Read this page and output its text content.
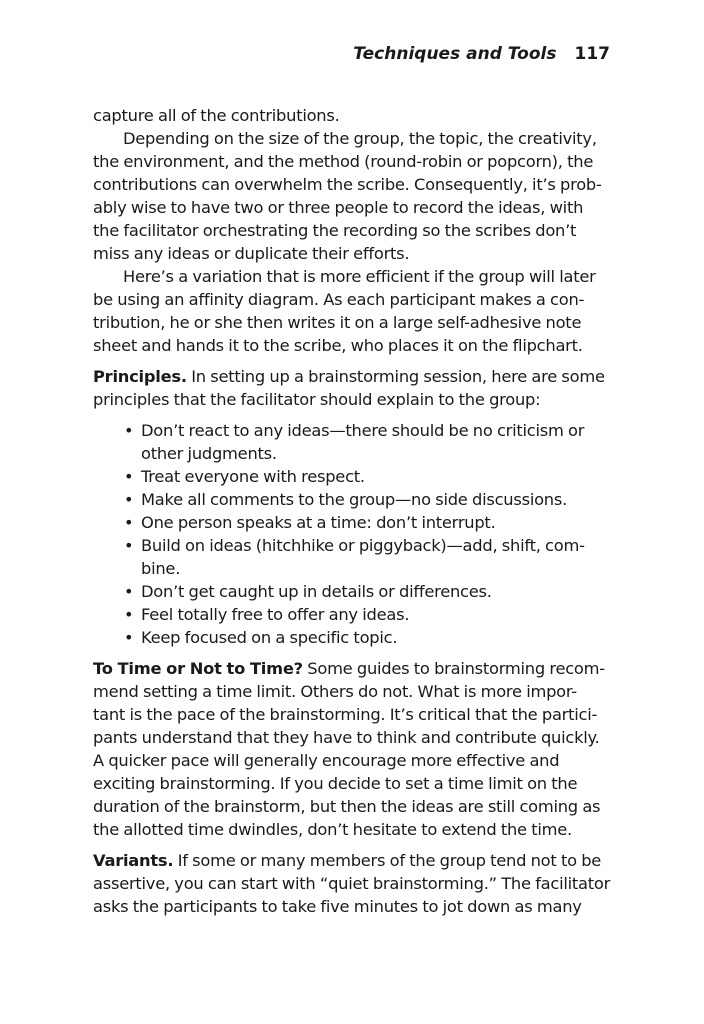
Techniques and Tools 117
capture all of the contributions.
Depending on the size of the group, the topic, the creativity,
the environment, and the method (round-robin or popcorn), the
contributions can overwhelm the scribe. Consequently, it’s prob-
ably wise to have two or three people to record the ideas, with
the facilitator orchestrating the recording so the scribes don’t
miss any ideas or duplicate their efforts.
Here’s a variation that is more efficient if the group will later
be using an affinity diagram. As each participant makes a con-
tribution, he or she then writes it on a large self-adhesive note
sheet and hands it to the scribe, who places it on the flipchart.
Principles. In setting up a brainstorming session, here are some
principles that the facilitator should explain to the group:
• Don’t react to any ideas—there should be no criticism or
other judgments.
• Treat everyone with respect.
• Make all comments to the group—no side discussions.
• One person speaks at a time: don’t interrupt.
• Build on ideas (hitchhike or piggyback)—add, shift, com-
bine.
• Don’t get caught up in details or differences.
• Feel totally free to offer any ideas.
• Keep focused on a specific topic.
To Time or Not to Time? Some guides to brainstorming recom-
mend setting a time limit. Others do not. What is more impor-
tant is the pace of the brainstorming. It’s critical that the partici-
pants understand that they have to think and contribute quickly.
A quicker pace will generally encourage more effective and
exciting brainstorming. If you decide to set a time limit on the
duration of the brainstorm, but then the ideas are still coming as
the allotted time dwindles, don’t hesitate to extend the time.
Variants. If some or many members of the group tend not to be
assertive, you can start with “quiet brainstorming.” The facilitator
asks the participants to take five minutes to jot down as many
